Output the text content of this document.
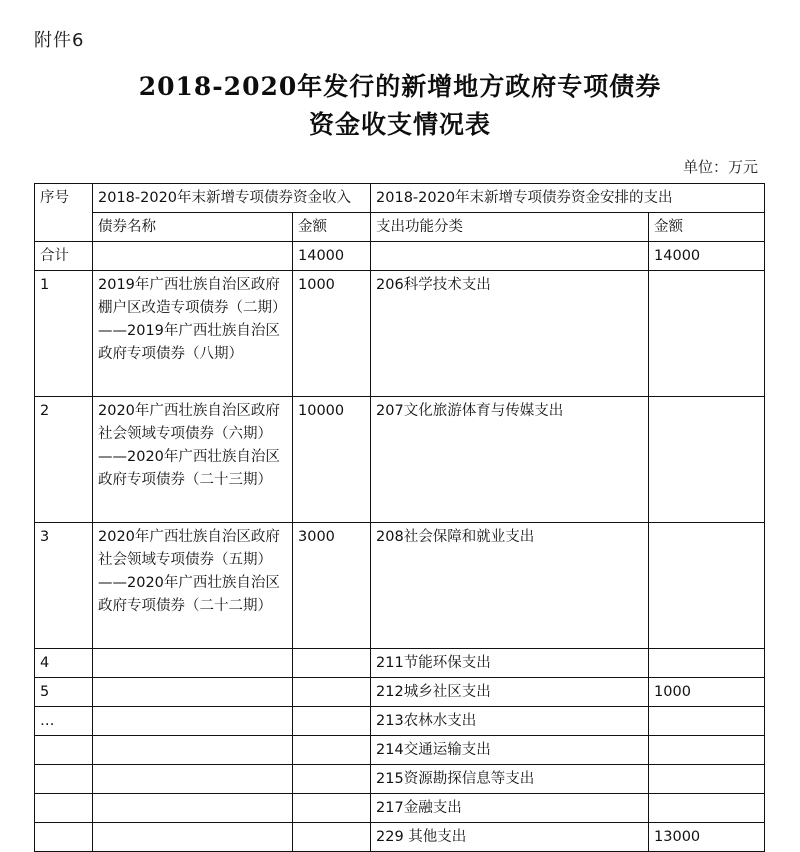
附件6
2018-2020年发行的新增地方政府专项债券
资金收支情况表
单位：万元
序号	2018-2020年末新增专项债券资金收入		2018-2020年末新增专项债券资金安排的支出	
	债券名称	金额	支出功能分类	金额
合计		14000		14000
1	2019年广西壮族自治区政府棚户区改造专项债券（二期）——2019年广西壮族自治区政府专项债券（八期）	1000	206科学技术支出	
2	2020年广西壮族自治区政府社会领域专项债券（六期）——2020年广西壮族自治区政府专项债券（二十三期）	10000	207文化旅游体育与传媒支出	
3	2020年广西壮族自治区政府社会领域专项债券（五期）——2020年广西壮族自治区政府专项债券（二十二期）	3000	208社会保障和就业支出	
4			211节能环保支出	
5			212城乡社区支出	1000
…			213农林水支出	
			214交通运输支出	
			215资源勘探信息等支出	
			217金融支出	
			229 其他支出	13000
